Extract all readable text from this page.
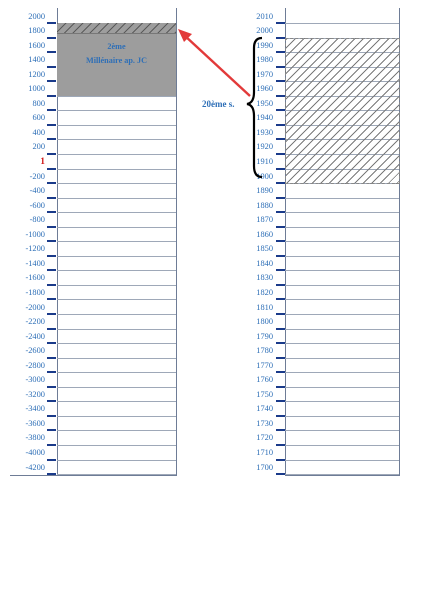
2000
1800
1600
1400
1200
1000
800
600
400
200
1
-200
-400
-600
-800
-1000
-1200
-1400
-1600
-1800
-2000
-2200
-2400
-2600
-2800
-3000
-3200
-3400
-3600
-3800
-4000
-4200
2010
2000
1990
1980
1970
1960
1950
1940
1930
1920
1910
1900
1890
1880
1870
1860
1850
1840
1830
1820
1810
1800
1790
1780
1770
1760
1750
1740
1730
1720
1710
1700
2ème
Millénaire ap. JC
20ème s.
